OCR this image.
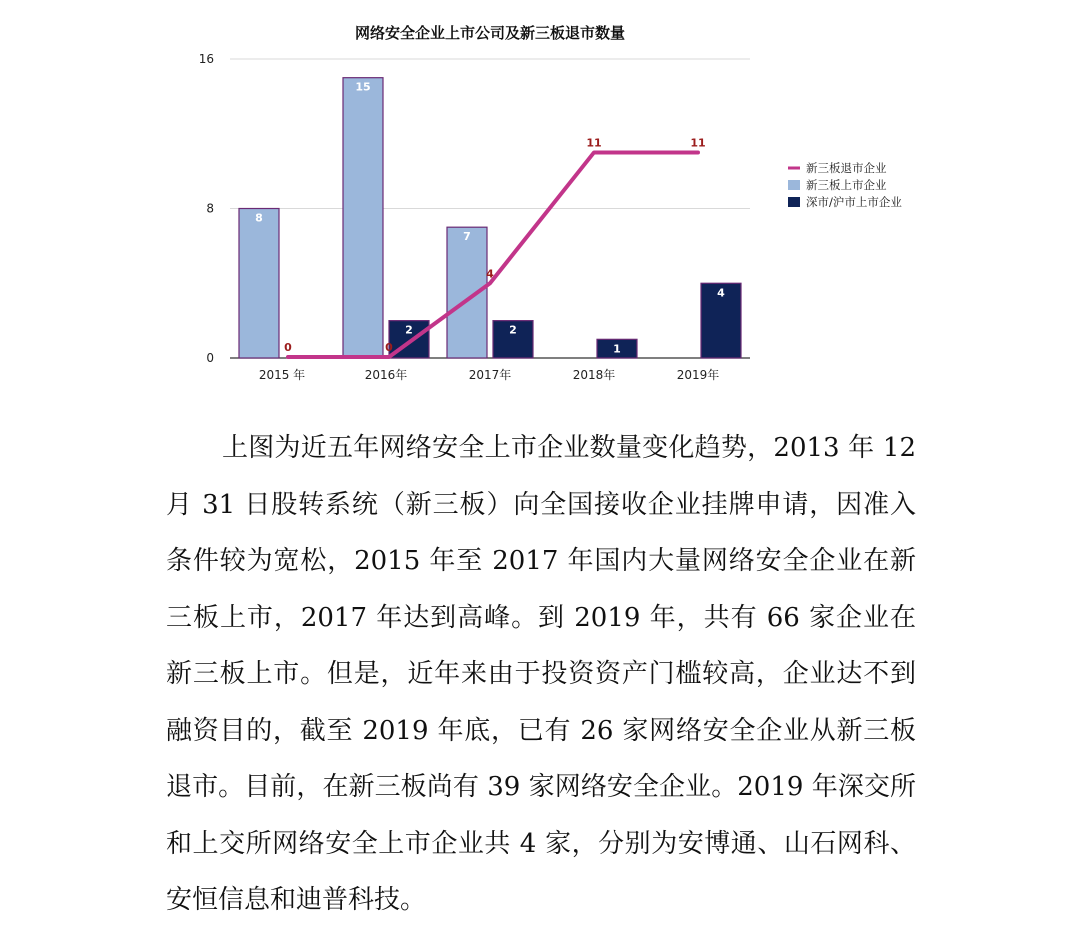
网络安全企业上市公司及新三板退市数量
0
8
16
8
15
7
2	2
1
4
0	0
4
11	11
2015 年	2016年	2017年	2018年	2019年
新三板退市企业
新三板上市企业
深市/沪市上市企业

上图为近五年网络安全上市企业数量变化趋势，2013 年 12 月 31 日股转系统（新三板）向全国接收企业挂牌申请，因准入条件较为宽松，2015 年至 2017 年国内大量网络安全企业在新三板上市，2017 年达到高峰。到 2019 年，共有 66 家企业在新三板上市。但是，近年来由于投资资产门槛较高，企业达不到融资目的，截至 2019 年底，已有 26 家网络安全企业从新三板退市。目前，在新三板尚有 39 家网络安全企业。2019 年深交所和上交所网络安全上市企业共 4 家，分别为安博通、山石网科、安恒信息和迪普科技。
